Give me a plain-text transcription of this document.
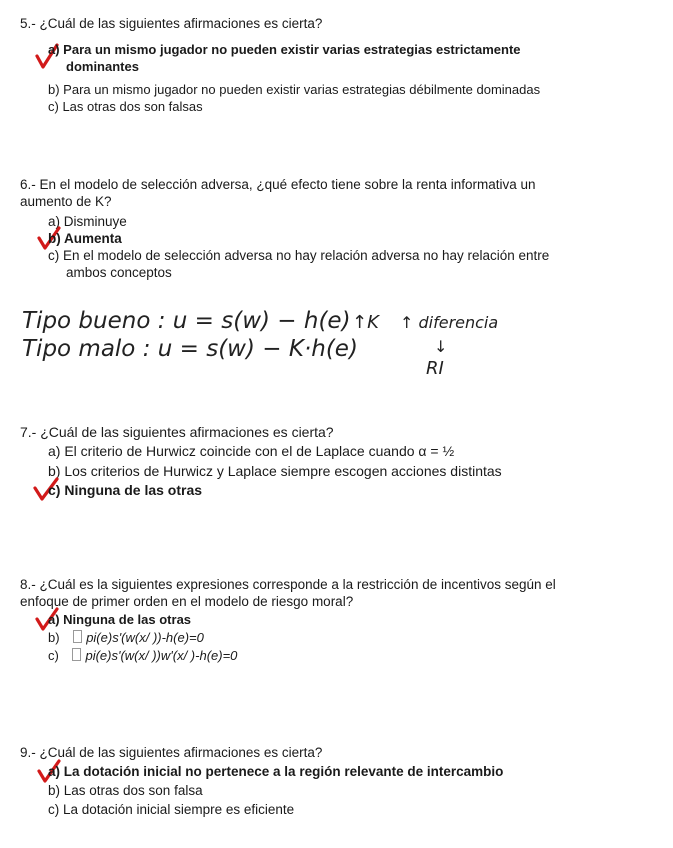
5.- ¿Cuál de las siguientes afirmaciones es cierta?
a) Para un mismo jugador no pueden existir varias estrategias estrictamente
dominantes
b) Para un mismo jugador no pueden existir varias estrategias débilmente dominadas
c) Las otras dos son falsas
6.- En el modelo de selección adversa, ¿qué efecto tiene sobre la renta informativa un
aumento de K?
a) Disminuye
b) Aumenta
c) En el modelo de selección adversa no hay relación adversa no hay relación entre
ambos conceptos
Tipo bueno : u = s(w) − h(e)
Tipo malo : u = s(w) − K·h(e)
↑K ↑ diferencia
↓
RI
7.- ¿Cuál de las siguientes afirmaciones es cierta?
a) El criterio de Hurwicz coincide con el de Laplace cuando α = ½
b) Los criterios de Hurwicz y Laplace siempre escogen acciones distintas
c) Ninguna de las otras
8.- ¿Cuál es la siguientes expresiones corresponde a la restricción de incentivos según el
enfoque de primer orden en el modelo de riesgo moral?
a) Ninguna de las otras
b) pi(e)s'(w(x/ ))-h(e)=0
c) pi(e)s'(w(x/ ))w'(x/ )-h(e)=0
9.- ¿Cuál de las siguientes afirmaciones es cierta?
a) La dotación inicial no pertenece a la región relevante de intercambio
b) Las otras dos son falsa
c) La dotación inicial siempre es eficiente
